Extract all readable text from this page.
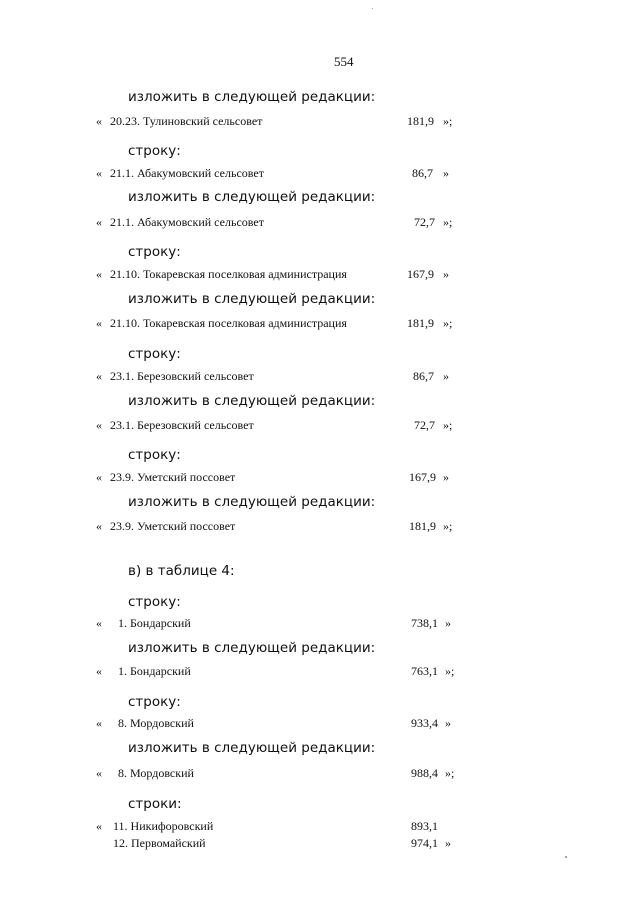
554
изложить в следующей редакции:
« 20.23. Тулиновский сельсовет	181,9 »;
строку:
« 21.1. Абакумовский сельсовет	86,7 »
изложить в следующей редакции:
« 21.1. Абакумовский сельсовет	72,7 »;
строку:
« 21.10. Токаревская поселковая администрация	167,9 »
изложить в следующей редакции:
« 21.10. Токаревская поселковая администрация	181,9 »;
строку:
« 23.1. Березовский сельсовет	86,7 »
изложить в следующей редакции:
« 23.1. Березовский сельсовет	72,7 »;
строку:
« 23.9. Уметский поссовет	167,9 »
изложить в следующей редакции:
« 23.9. Уметский поссовет	181,9 »;
в) в таблице 4:
строку:
« 1. Бондарский	738,1 »
изложить в следующей редакции:
« 1. Бондарский	763,1 »;
строку:
« 8. Мордовский	933,4 »
изложить в следующей редакции:
« 8. Мордовский	988,4 »;
строки:
« 11. Никифоровский	893,1
12. Первомайский	974,1 »
